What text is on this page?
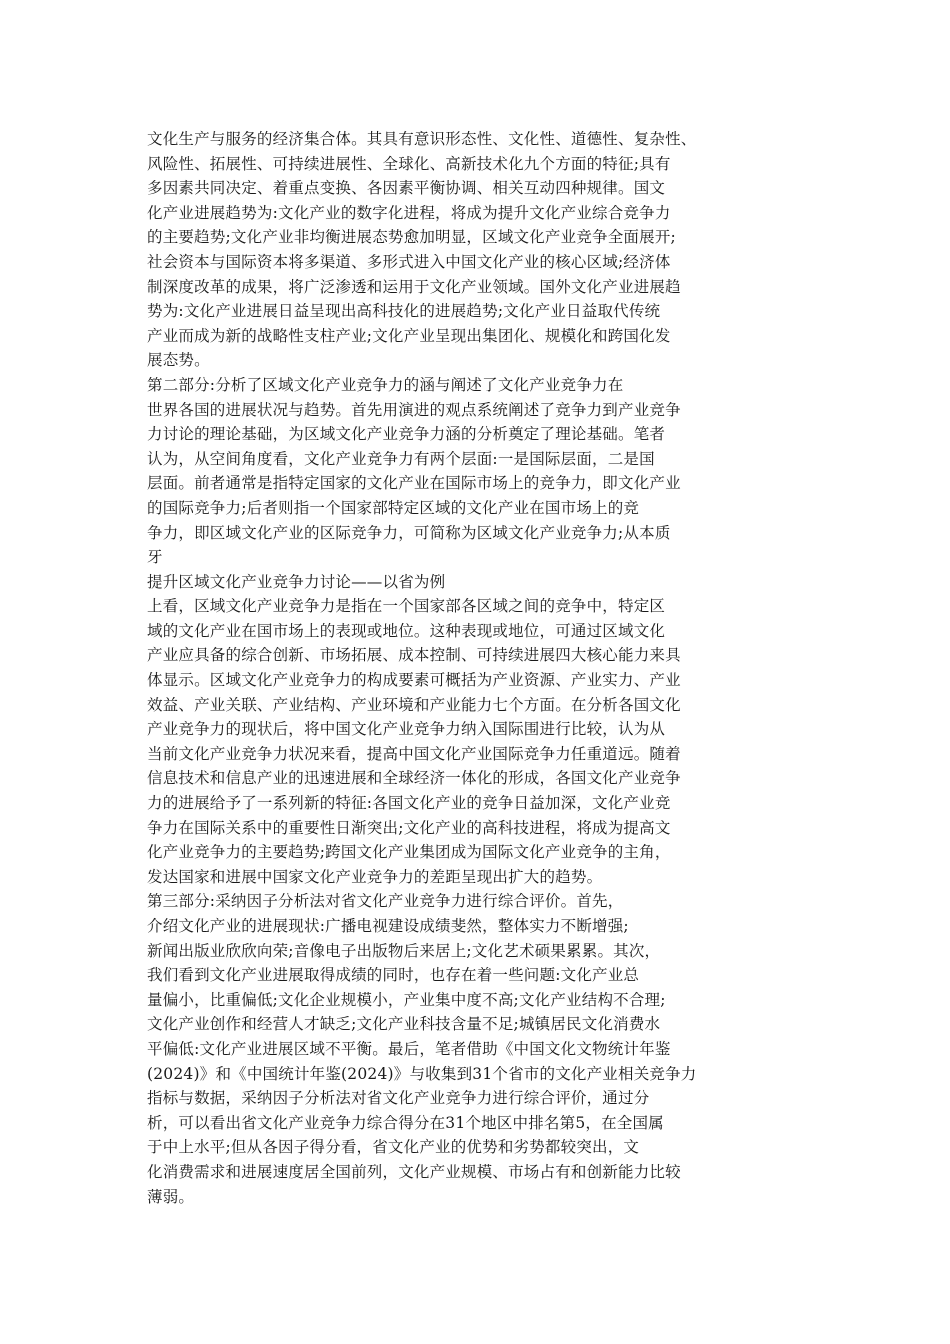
文化生产与服务的经济集合体。其具有意识形态性、文化性、道德性、复杂性、
风险性、拓展性、可持续进展性、全球化、高新技术化九个方面的特征;具有
多因素共同决定、着重点变换、各因素平衡协调、相关互动四种规律。国文
化产业进展趋势为:文化产业的数字化进程，将成为提升文化产业综合竞争力
的主要趋势;文化产业非均衡进展态势愈加明显，区域文化产业竞争全面展开;
社会资本与国际资本将多渠道、多形式进入中国文化产业的核心区域;经济体
制深度改革的成果，将广泛渗透和运用于文化产业领域。国外文化产业进展趋
势为:文化产业进展日益呈现出高科技化的进展趋势;文化产业日益取代传统
产业而成为新的战略性支柱产业;文化产业呈现出集团化、规模化和跨国化发
展态势。
第二部分:分析了区域文化产业竞争力的涵与阐述了文化产业竞争力在
世界各国的进展状况与趋势。首先用演进的观点系统阐述了竞争力到产业竞争
力讨论的理论基础，为区域文化产业竞争力涵的分析奠定了理论基础。笔者
认为，从空间角度看，文化产业竞争力有两个层面:一是国际层面，二是国
层面。前者通常是指特定国家的文化产业在国际市场上的竞争力，即文化产业
的国际竞争力;后者则指一个国家部特定区域的文化产业在国市场上的竞
争力，即区域文化产业的区际竞争力，可简称为区域文化产业竞争力;从本质
牙
提升区域文化产业竞争力讨论——以省为例
上看，区域文化产业竞争力是指在一个国家部各区域之间的竞争中，特定区
域的文化产业在国市场上的表现或地位。这种表现或地位，可通过区域文化
产业应具备的综合创新、市场拓展、成本控制、可持续进展四大核心能力来具
体显示。区域文化产业竞争力的构成要素可概括为产业资源、产业实力、产业
效益、产业关联、产业结构、产业环境和产业能力七个方面。在分析各国文化
产业竞争力的现状后，将中国文化产业竞争力纳入国际围进行比较，认为从
当前文化产业竞争力状况来看，提高中国文化产业国际竞争力任重道远。随着
信息技术和信息产业的迅速进展和全球经济一体化的形成，各国文化产业竞争
力的进展给予了一系列新的特征:各国文化产业的竞争日益加深，文化产业竞
争力在国际关系中的重要性日渐突出;文化产业的高科技进程，将成为提高文
化产业竞争力的主要趋势;跨国文化产业集团成为国际文化产业竞争的主角，
发达国家和进展中国家文化产业竞争力的差距呈现出扩大的趋势。
第三部分:采纳因子分析法对省文化产业竞争力进行综合评价。首先，
介绍文化产业的进展现状:广播电视建设成绩斐然，整体实力不断增强;
新闻出版业欣欣向荣;音像电子出版物后来居上;文化艺术硕果累累。其次，
我们看到文化产业进展取得成绩的同时，也存在着一些问题:文化产业总
量偏小，比重偏低;文化企业规模小，产业集中度不高;文化产业结构不合理;
文化产业创作和经营人才缺乏;文化产业科技含量不足;城镇居民文化消费水
平偏低:文化产业进展区域不平衡。最后，笔者借助《中国文化文物统计年鉴
(2024)》和《中国统计年鉴(2024)》与收集到31个省市的文化产业相关竞争力
指标与数据，采纳因子分析法对省文化产业竞争力进行综合评价，通过分
析，可以看出省文化产业竞争力综合得分在31个地区中排名第5，在全国属
于中上水平;但从各因子得分看，省文化产业的优势和劣势都较突出，文
化消费需求和进展速度居全国前列，文化产业规模、市场占有和创新能力比较
薄弱。
